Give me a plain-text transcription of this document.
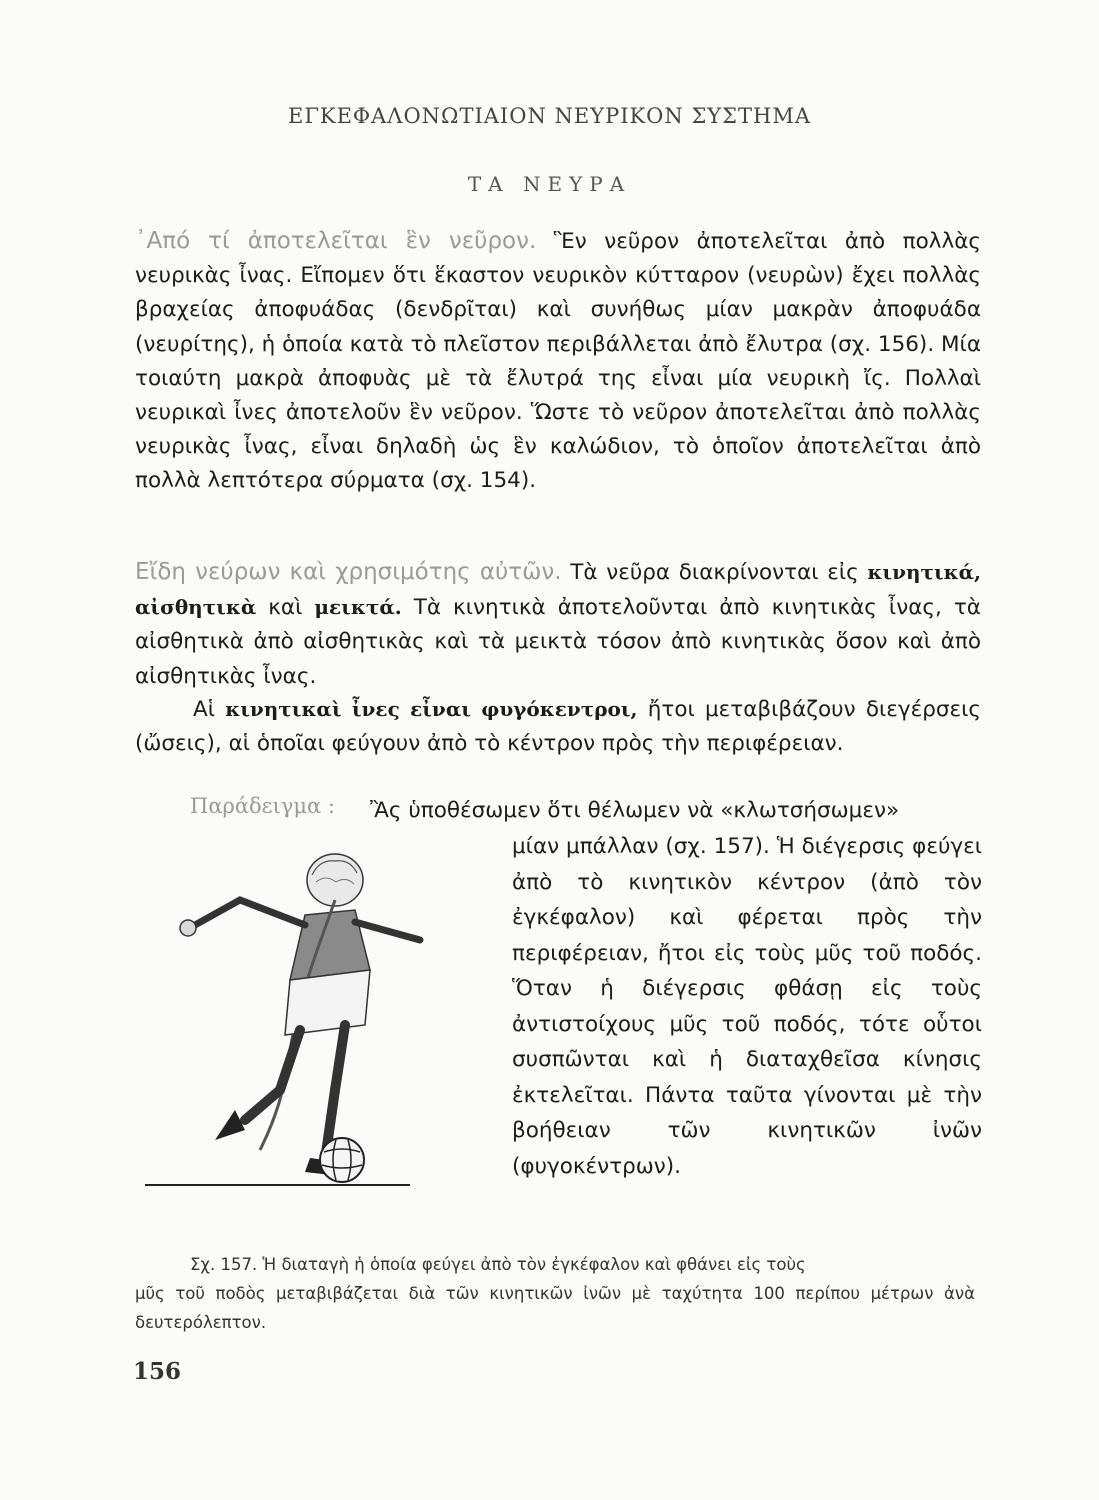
ΕΓΚΕΦΑΛΟΝΩΤΙΑΙΟΝ ΝΕΥΡΙΚΟΝ ΣΥΣΤΗΜΑ
ΤΑ ΝΕΥΡΑ

᾿Από τί ἀποτελεῖται ἓν νεῦρον. Ἓν νεῦρον ἀποτελεῖται ἀπὸ πολλὰς νευρικὰς ἶνας. Εἴπομεν ὅτι ἕκαστον νευρικὸν κύτταρον (νευρὼν) ἔχει πολλὰς βραχείας ἀποφυάδας (δενδρῖται) καὶ συνήθως μίαν μακρὰν ἀποφυάδα (νευρίτης), ἡ ὁποία κατὰ τὸ πλεῖστον περιβάλλεται ἀπὸ ἔλυτρα (σχ. 156). Μία τοιαύτη μακρὰ ἀποφυὰς μὲ τὰ ἔλυτρά της εἶναι μία νευρικὴ ἴς. Πολλαὶ νευρικαὶ ἶνες ἀποτελοῦν ἓν νεῦρον. Ὥστε τὸ νεῦρον ἀποτελεῖται ἀπὸ πολλὰς νευρικὰς ἶνας, εἶναι δηλαδὴ ὡς ἓν καλώδιον, τὸ ὁποῖον ἀποτελεῖται ἀπὸ πολλὰ λεπτότερα σύρματα (σχ. 154).

Εἴδη νεύρων καὶ χρησιμότης αὐτῶν. Τὰ νεῦρα διακρίνονται εἰς κινητικά, αἰσθητικὰ καὶ μεικτά. Τὰ κινητικὰ ἀποτελοῦνται ἀπὸ κινητικὰς ἶνας, τὰ αἰσθητικὰ ἀπὸ αἰσθητικὰς καὶ τὰ μεικτὰ τόσον ἀπὸ κινητικὰς ὅσον καὶ ἀπὸ αἰσθητικὰς ἶνας.

Αἱ κινητικαὶ ἶνες εἶναι φυγόκεντροι, ἤτοι μεταβιβάζουν διεγέρσεις (ὤσεις), αἱ ὁποῖαι φεύγουν ἀπὸ τὸ κέντρον πρὸς τὴν περιφέρειαν.

Παράδειγμα : Ἂς ὑποθέσωμεν ὅτι θέλωμεν νὰ «κλωτσήσωμεν»

μίαν μπάλλαν (σχ. 157). Ἡ διέγερσις φεύγει ἀπὸ τὸ κινητικὸν κέντρον (ἀπὸ τὸν ἐγκέφαλον) καὶ φέρεται πρὸς τὴν περιφέρειαν, ἤτοι εἰς τοὺς μῦς τοῦ ποδός. Ὅταν ἡ διέγερσις φθάσῃ εἰς τοὺς ἀντιστοίχους μῦς τοῦ ποδός, τότε οὗτοι συσπῶνται καὶ ἡ διαταχθεῖσα κίνησις ἐκτελεῖται. Πάντα ταῦτα γίνονται μὲ τὴν βοήθειαν τῶν κινητικῶν ἰνῶν (φυγοκέντρων).

Σχ. 157. Ἡ διαταγὴ ἡ ὁποία φεύγει ἀπὸ τὸν ἐγκέφαλον καὶ φθάνει εἰς τοὺς
μῦς τοῦ ποδὸς μεταβιβάζεται διὰ τῶν κινητικῶν ἰνῶν μὲ ταχύτητα 100 περίπου μέτρων ἀνὰ δευτερόλεπτον.

156
